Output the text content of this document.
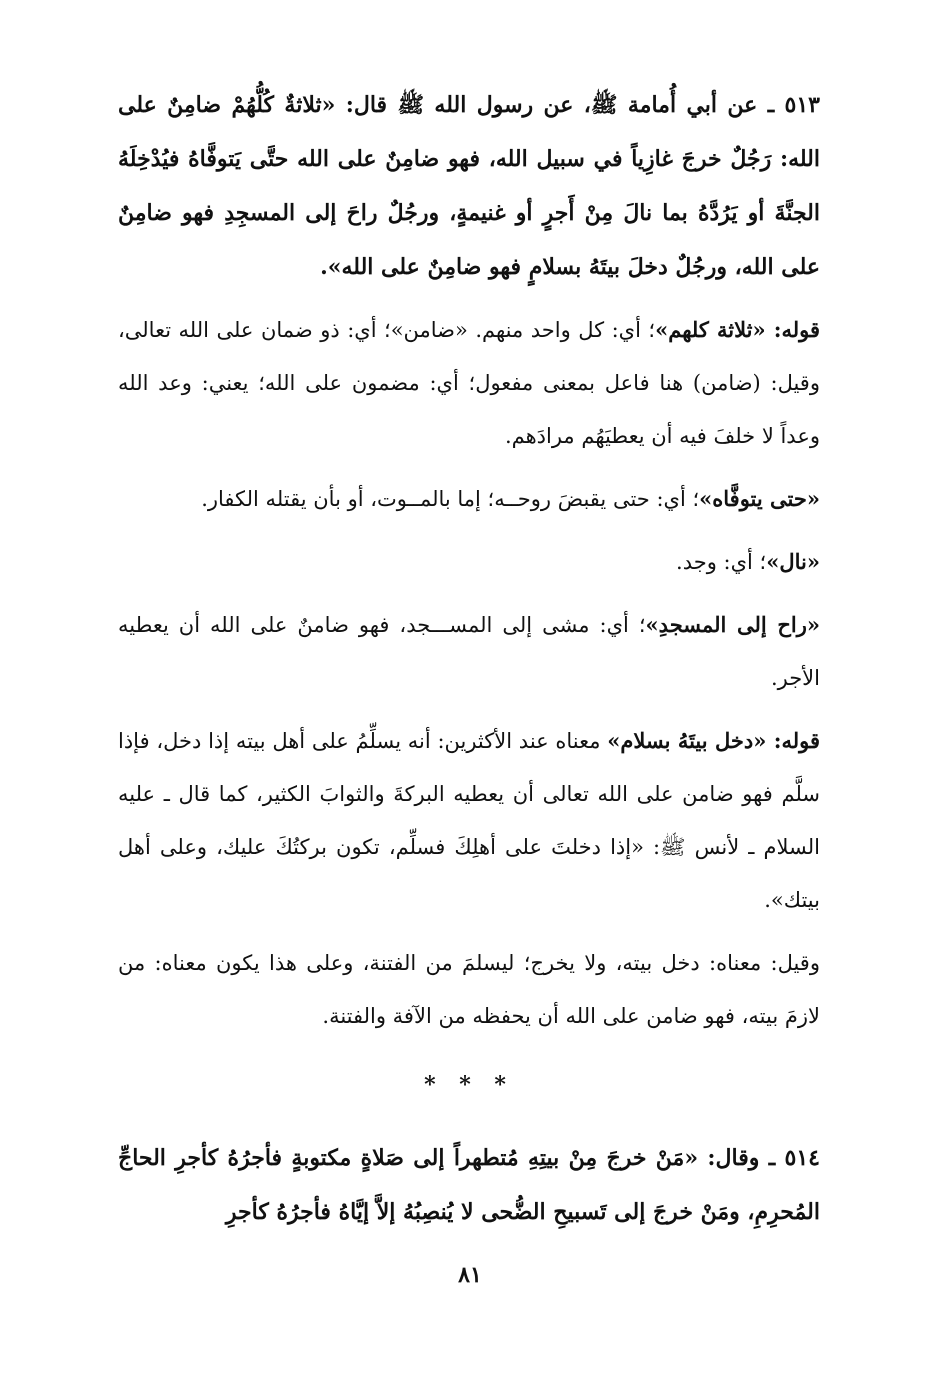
٥١٣ ـ عن أبي أُمامة ﷺ، عن رسول الله ﷺ قال: «ثلاثةٌ كُلُّهُمْ ضامِنٌ على الله: رَجُلٌ خرجَ غازِياً في سبيل الله، فهو ضامِنٌ على الله حتَّى يَتوفَّاهُ فيُدْخِلَهُ الجنَّةَ أو يَرُدَّهُ بما نالَ مِنْ أَجرٍ أو غنيمةٍ، ورجُلٌ راحَ إلى المسجِدِ فهو ضامِنٌ على الله، ورجُلٌ دخلَ بيتَهُ بسلامٍ فهو ضامِنٌ على الله».

قوله: «ثلاثة كلهم»؛ أي: كل واحد منهم. «ضامن»؛ أي: ذو ضمان على الله تعالى، وقيل: (ضامن) هنا فاعل بمعنى مفعول؛ أي: مضمون على الله؛ يعني: وعد الله وعداً لا خلفَ فيه أن يعطيَهُم مرادَهم.

«حتى يتوفَّاه»؛ أي: حتى يقبضَ روحــه؛ إما بالمــوت، أو بأن يقتله الكفار.

«نال»؛ أي: وجد.

«راح إلى المسجدِ»؛ أي: مشى إلى المســـجد، فهو ضامنٌ على الله أن يعطيه الأجر.

قوله: «دخل بيتَهُ بسلام» معناه عند الأكثرين: أنه يسلِّمُ على أهل بيته إذا دخل، فإذا سلَّم فهو ضامن على الله تعالى أن يعطيه البركةَ والثوابَ الكثير، كما قال ـ عليه السلام ـ لأنس ﷺ: «إذا دخلتَ على أهلِكَ فسلِّم، تكون بركتُكَ عليك، وعلى أهل بيتك».

وقيل: معناه: دخل بيته، ولا يخرج؛ ليسلمَ من الفتنة، وعلى هذا يكون معناه: من لازمَ بيته، فهو ضامن على الله أن يحفظه من الآفة والفتنة.

* * *

٥١٤ ـ وقال: «مَنْ خرجَ مِنْ بيتِهِ مُتطهراً إلى صَلاةٍ مكتوبةٍ فأجرُهُ كأجرِ الحاجِّ المُحرِمِ، ومَنْ خرجَ إلى تَسبيحِ الضُّحى لا يُنصِبُهُ إلاَّ إيَّاهُ فأجرُهُ كأجرِ

٨١
